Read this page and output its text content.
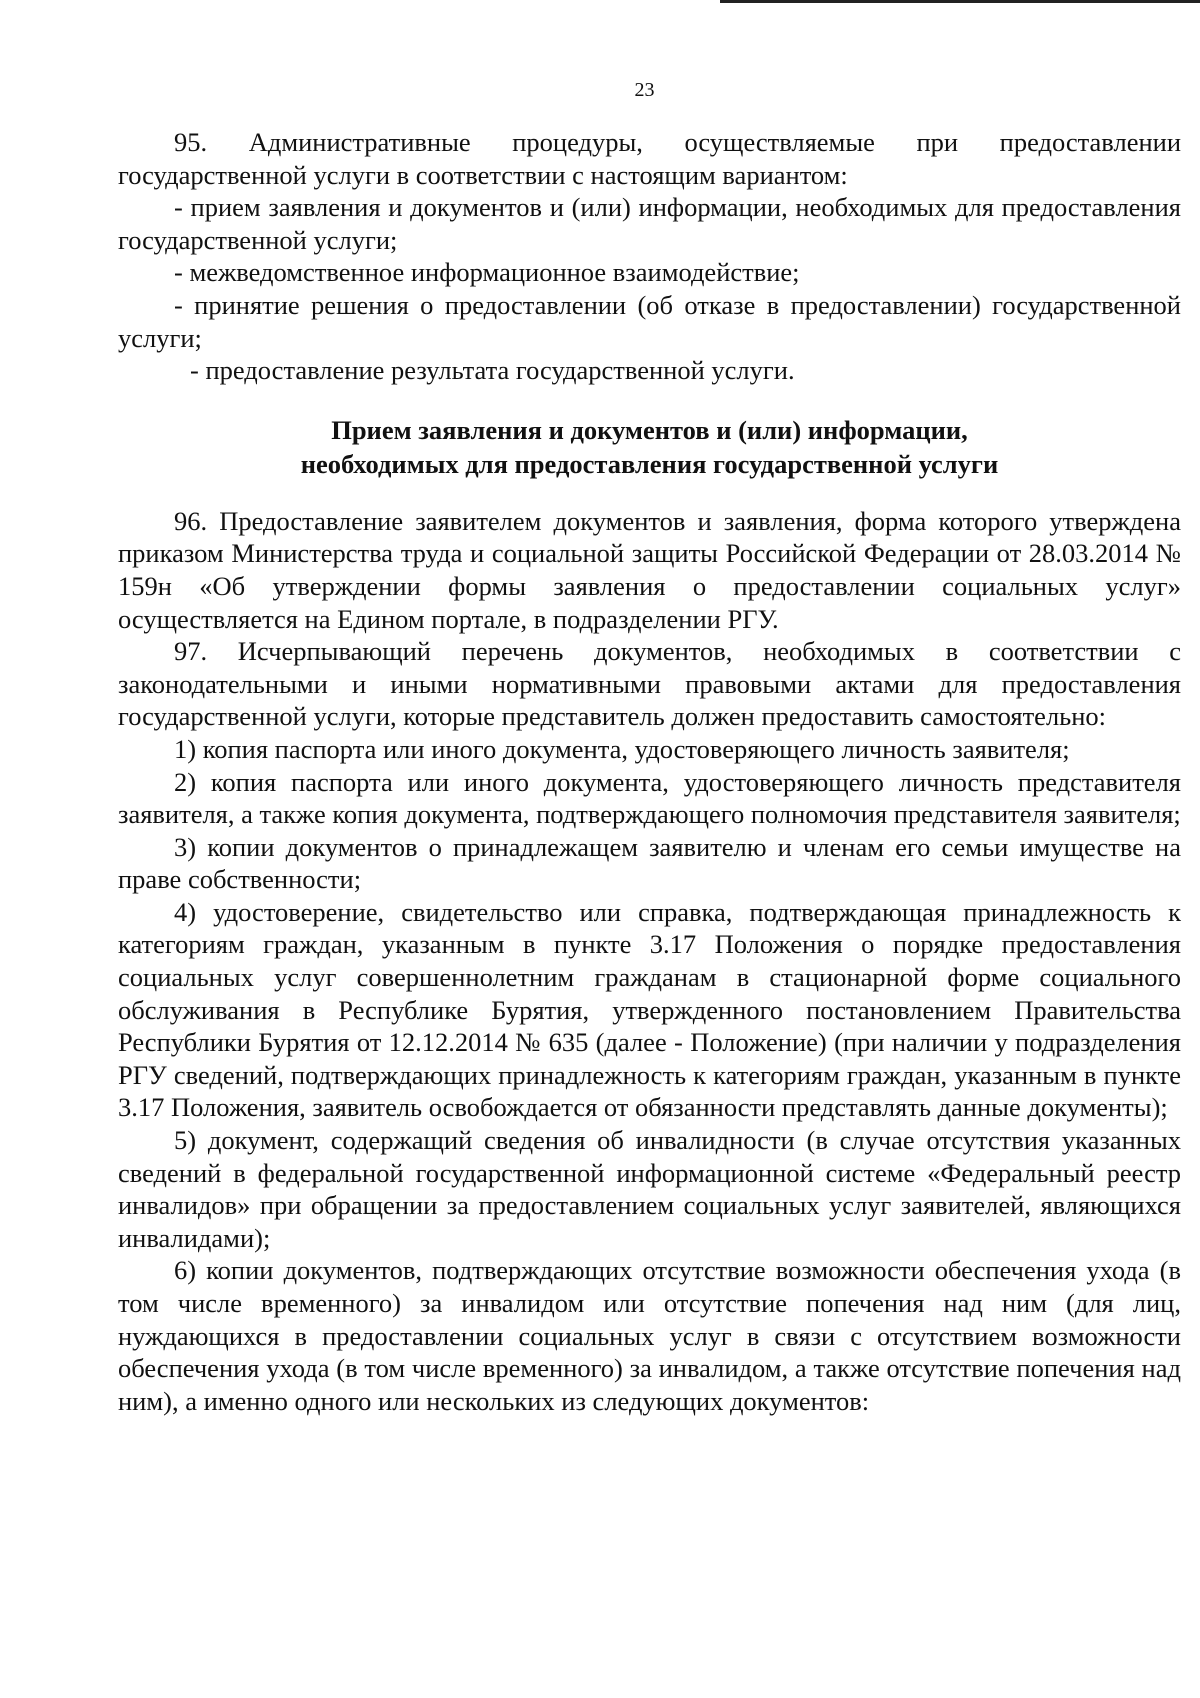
23

95. Административные процедуры, осуществляемые при предоставлении государственной услуги в соответствии с настоящим вариантом:

- прием заявления и документов и (или) информации, необходимых для предоставления государственной услуги;

- межведомственное информационное взаимодействие;

- принятие решения о предоставлении (об отказе в предоставлении) государственной услуги;

- предоставление результата государственной услуги.

Прием заявления и документов и (или) информации,
необходимых для предоставления государственной услуги

96. Предоставление заявителем документов и заявления, форма которого утверждена приказом Министерства труда и социальной защиты Российской Федерации от 28.03.2014 № 159н «Об утверждении формы заявления о предоставлении социальных услуг» осуществляется на Едином портале, в подразделении РГУ.

97. Исчерпывающий перечень документов, необходимых в соответствии с законодательными и иными нормативными правовыми актами для предоставления государственной услуги, которые представитель должен предоставить самостоятельно:

1) копия паспорта или иного документа, удостоверяющего личность заявителя;

2) копия паспорта или иного документа, удостоверяющего личность представителя заявителя, а также копия документа, подтверждающего полномочия представителя заявителя;

3) копии документов о принадлежащем заявителю и членам его семьи имуществе на праве собственности;

4) удостоверение, свидетельство или справка, подтверждающая принадлежность к категориям граждан, указанным в пункте 3.17 Положения о порядке предоставления социальных услуг совершеннолетним гражданам в стационарной форме социального обслуживания в Республике Бурятия, утвержденного постановлением Правительства Республики Бурятия от 12.12.2014 № 635 (далее - Положение) (при наличии у подразделения РГУ сведений, подтверждающих принадлежность к категориям граждан, указанным в пункте 3.17 Положения, заявитель освобождается от обязанности представлять данные документы);

5) документ, содержащий сведения об инвалидности (в случае отсутствия указанных сведений в федеральной государственной информационной системе «Федеральный реестр инвалидов» при обращении за предоставлением социальных услуг заявителей, являющихся инвалидами);

6) копии документов, подтверждающих отсутствие возможности обеспечения ухода (в том числе временного) за инвалидом или отсутствие попечения над ним (для лиц, нуждающихся в предоставлении социальных услуг в связи с отсутствием возможности обеспечения ухода (в том числе временного) за инвалидом, а также отсутствие попечения над ним), а именно одного или нескольких из следующих документов:
